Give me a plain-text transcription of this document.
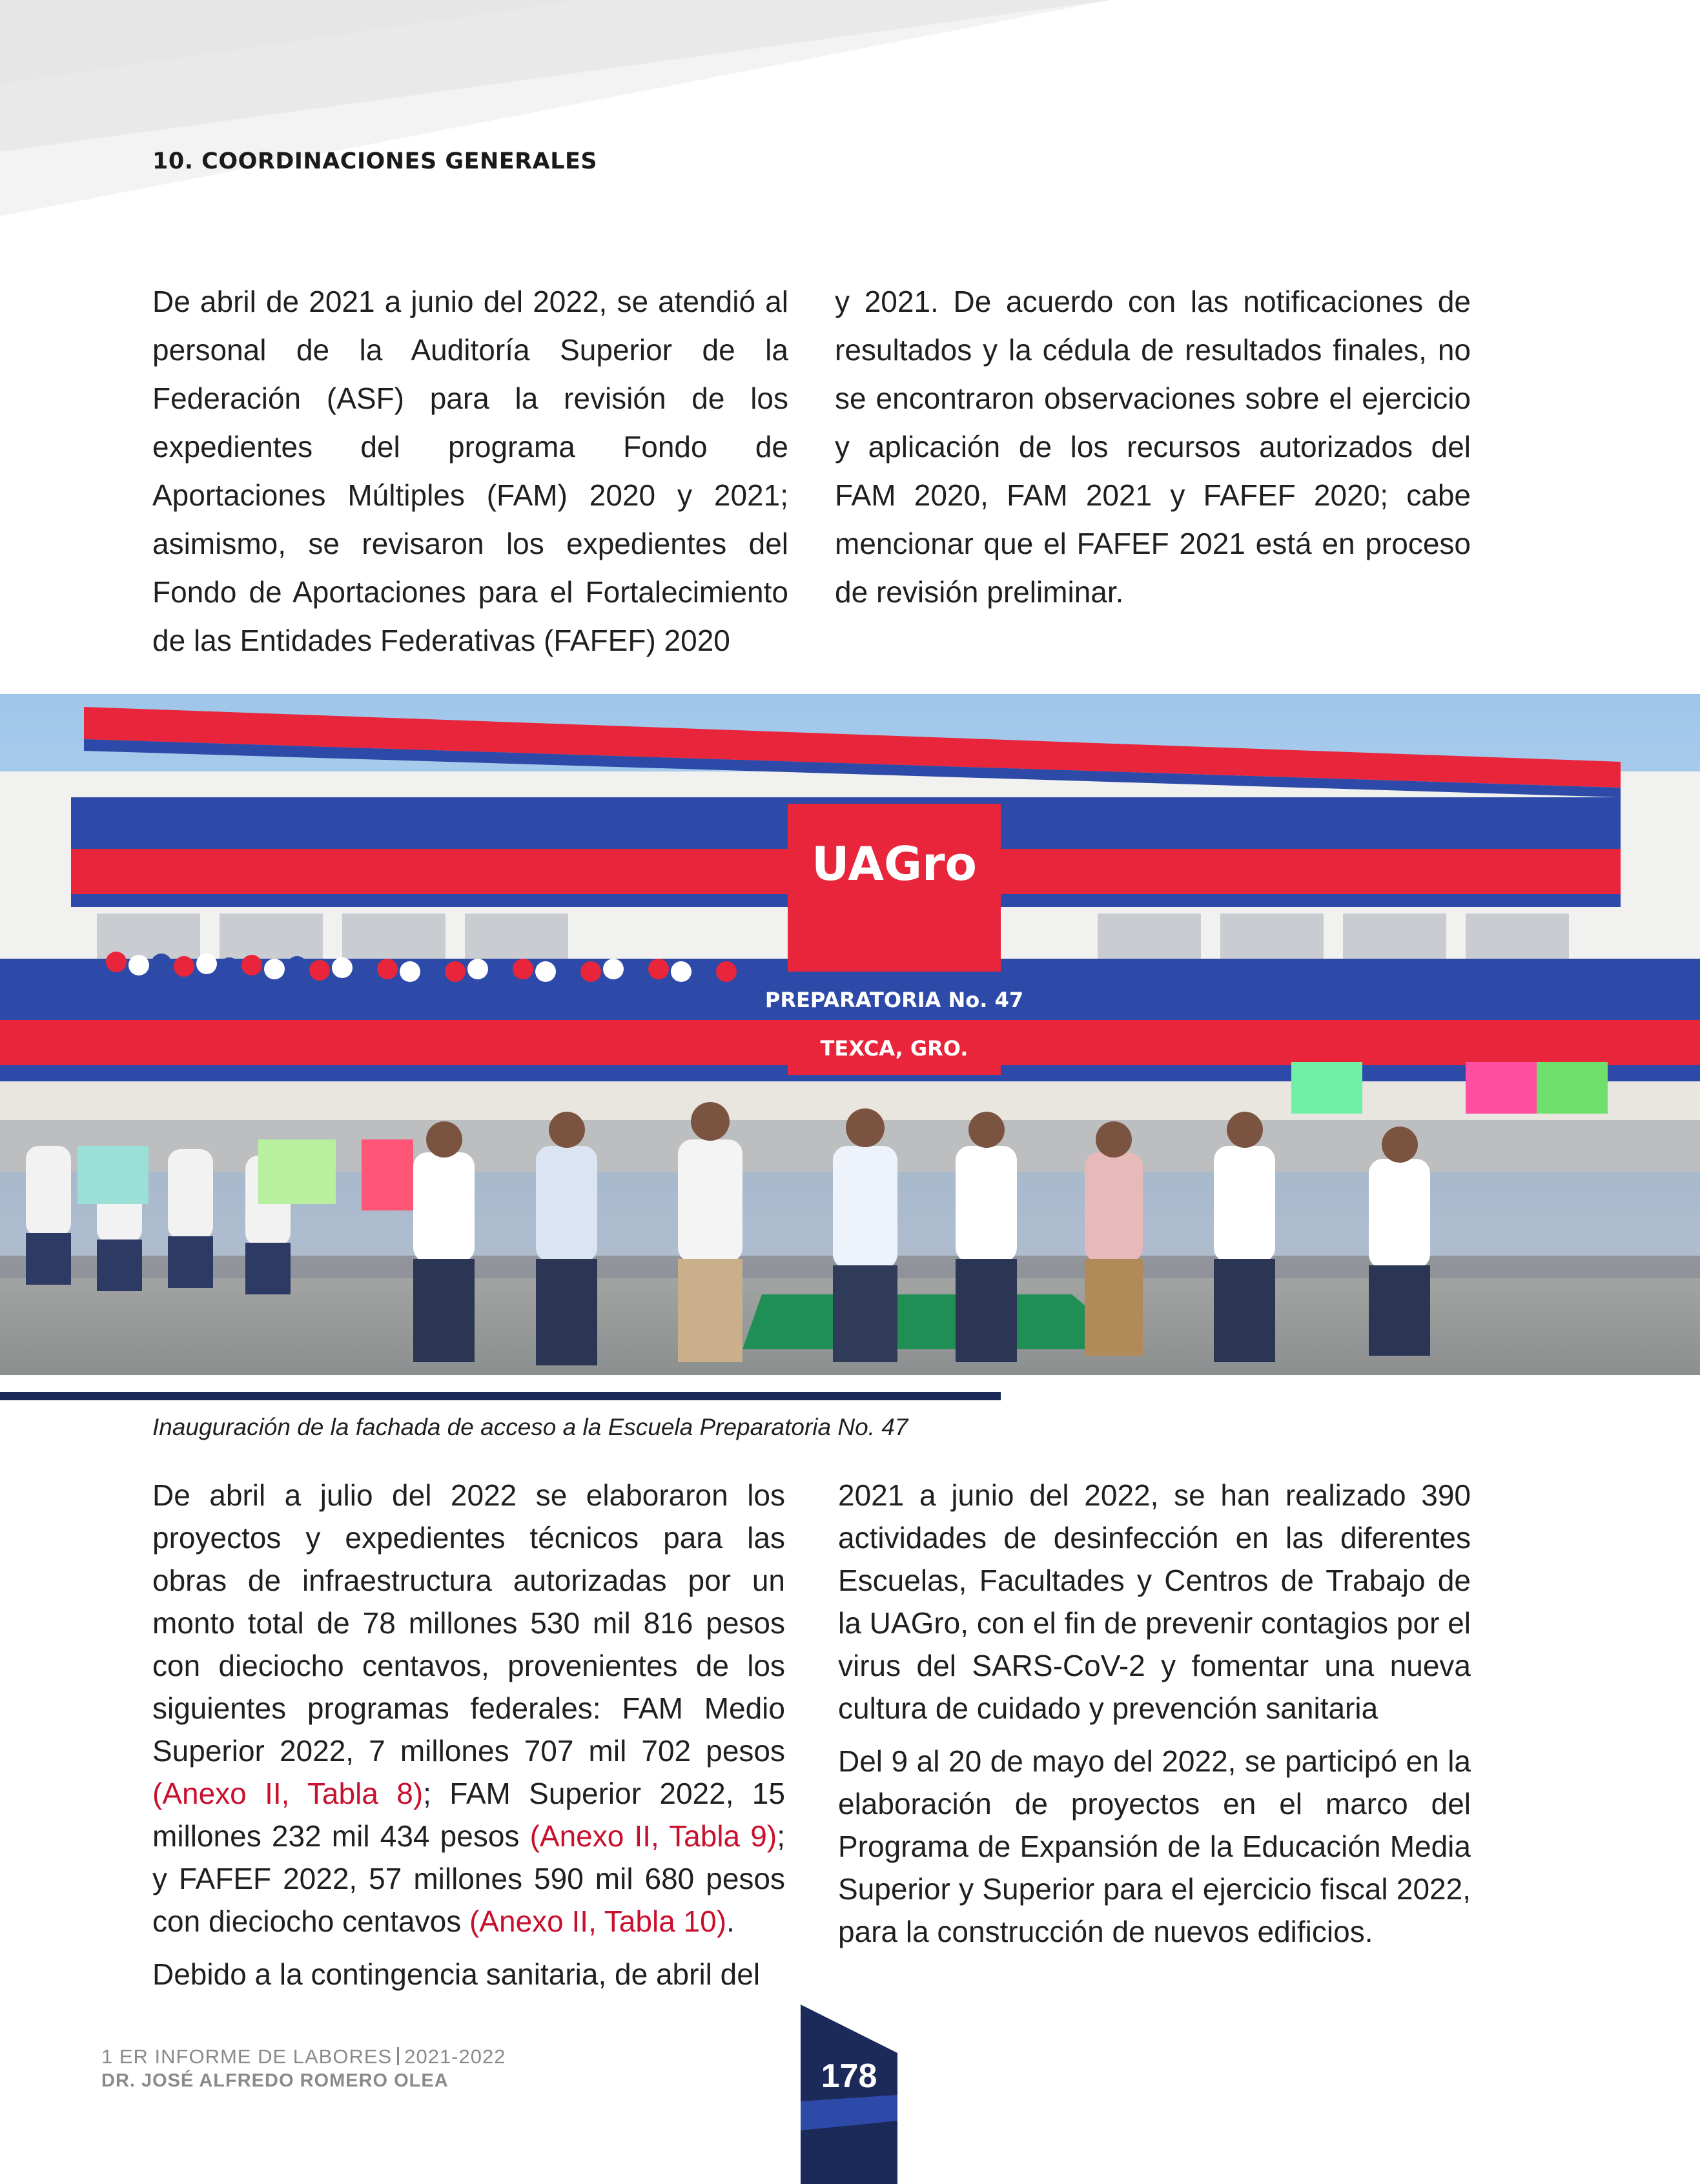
10. COORDINACIONES GENERALES

De abril de 2021 a junio del 2022, se atendió al personal de la Auditoría Superior de la Federación (ASF) para la revisión de los expedientes del programa Fondo de Aportaciones Múltiples (FAM) 2020 y 2021; asimismo, se revisaron los expedientes del Fondo de Aportaciones para el Fortalecimiento de las Entidades Federativas (FAFEF) 2020

y 2021. De acuerdo con las notificaciones de resultados y la cédula de resultados finales, no se encontraron observaciones sobre el ejercicio y aplicación de los recursos autorizados del FAM 2020, FAM 2021 y FAFEF 2020; cabe mencionar que el FAFEF 2021 está en proceso de revisión preliminar.

UAGro
PREPARATORIA No. 47
TEXCA, GRO.
Inauguración de la fachada de acceso a la Escuela Preparatoria No. 47

De abril a julio del 2022 se elaboraron los proyectos y expedientes técnicos para las obras de infraestructura autorizadas por un monto total de 78 millones 530 mil 816 pesos con dieciocho centavos, provenientes de los siguientes programas federales: FAM Medio Superior 2022, 7 millones 707 mil 702 pesos (Anexo II, Tabla 8); FAM Superior 2022, 15 millones 232 mil 434 pesos (Anexo II, Tabla 9); y FAFEF 2022, 57 millones 590 mil 680 pesos con dieciocho centavos (Anexo II, Tabla 10).

Debido a la contingencia sanitaria, de abril del

2021 a junio del 2022, se han realizado 390 actividades de desinfección en las diferentes Escuelas, Facultades y Centros de Trabajo de la UAGro, con el fin de prevenir contagios por el virus del SARS-CoV-2 y fomentar una nueva cultura de cuidado y prevención sanitaria

Del 9 al 20 de mayo del 2022, se participó en la elaboración de proyectos en el marco del Programa de Expansión de la Educación Media Superior y Superior para el ejercicio fiscal 2022, para la construcción de nuevos edificios.

1 ER INFORME DE LABORES 2021-2022
DR. JOSÉ ALFREDO ROMERO OLEA	178
